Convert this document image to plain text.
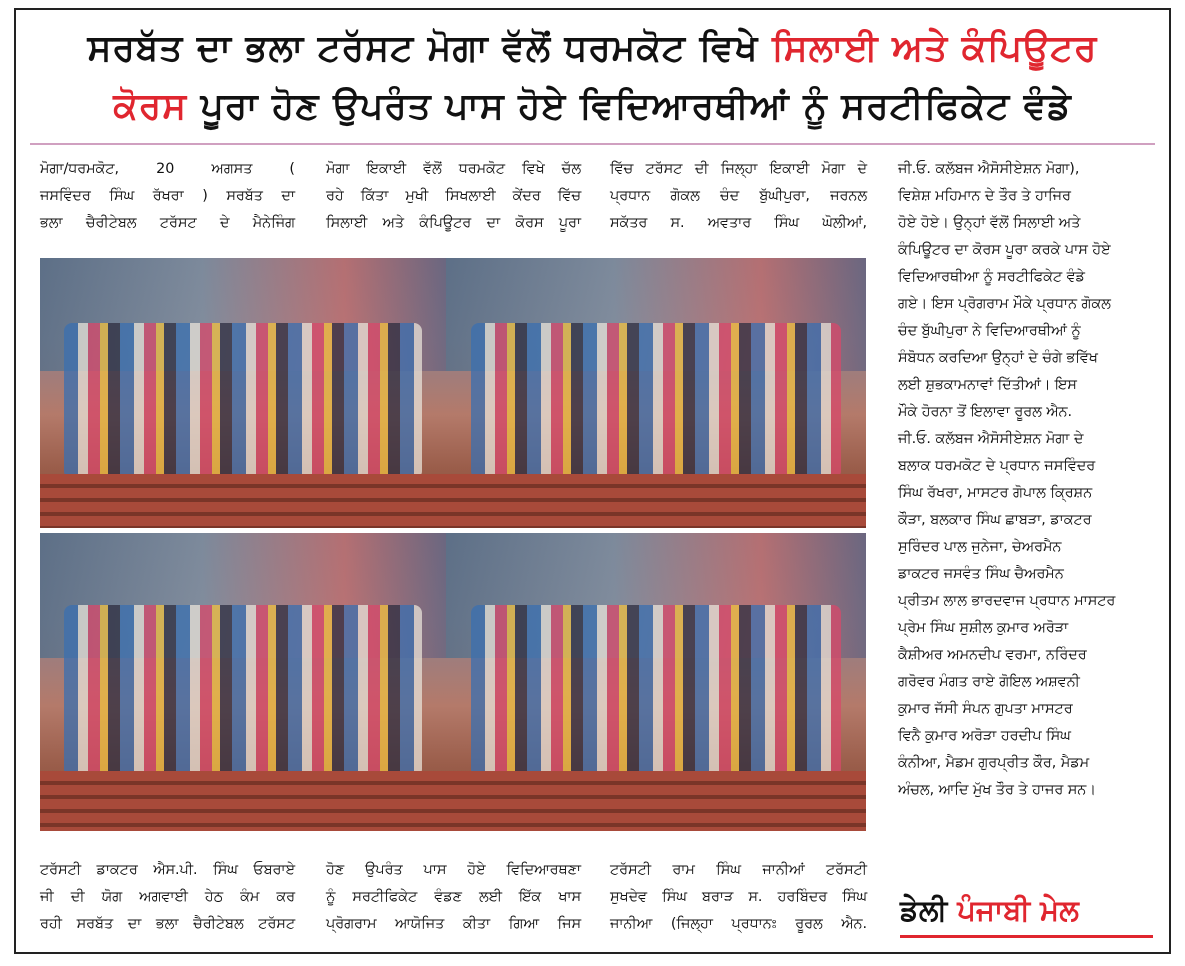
ਸਰਬੱਤ ਦਾ ਭਲਾ ਟਰੱਸਟ ਮੋਗਾ ਵੱਲੋਂ ਧਰਮਕੋਟ ਵਿਖੇ ਸਿਲਾਈ ਅਤੇ ਕੰਪਿਊਟਰ
ਕੋਰਸ ਪੂਰਾ ਹੋਣ ਉਪਰੰਤ ਪਾਸ ਹੋਏ ਵਿਦਿਆਰਥੀਆਂ ਨੂੰ ਸਰਟੀਫਿਕੇਟ ਵੰਡੇ
ਮੋਗਾ/ਧਰਮਕੋਟ, 20 ਅਗਸਤ (
ਜਸਵਿੰਦਰ ਸਿੰਘ ਰੱਖਰਾ ) ਸਰਬੱਤ ਦਾ
ਭਲਾ ਚੈਰੀਟੇਬਲ ਟਰੱਸਟ ਦੇ ਮੈਨੇਜਿੰਗ
ਮੋਗਾ ਇਕਾਈ ਵੱਲੋਂ ਧਰਮਕੋਟ ਵਿਖੇ ਚੱਲ
ਰਹੇ ਕਿੱਤਾ ਮੁਖੀ ਸਿਖਲਾਈ ਕੇਂਦਰ ਵਿੱਚ
ਸਿਲਾਈ ਅਤੇ ਕੰਪਿਊਟਰ ਦਾ ਕੋਰਸ ਪੂਰਾ
ਵਿੱਚ ਟਰੱਸਟ ਦੀ ਜਿਲ੍ਹਾ ਇਕਾਈ ਮੋਗਾ ਦੇ
ਪ੍ਰਧਾਨ ਗੋਕਲ ਚੰਦ ਬੁੱਘੀਪੁਰਾ, ਜਰਨਲ
ਸਕੱਤਰ ਸ. ਅਵਤਾਰ ਸਿੰਘ ਘੋਲੀਆਂ,
ਜੀ.ਓ. ਕਲੱਬਜ ਐਸੋਸੀਏਸ਼ਨ ਮੋਗਾ),
ਵਿਸ਼ੇਸ਼ ਮਹਿਮਾਨ ਦੇ ਤੌਰ ਤੇ ਹਾਜਿਰ
ਹੋਏ ਹੋਏ। ਉਨ੍ਹਾਂ ਵੱਲੋਂ ਸਿਲਾਈ ਅਤੇ
ਕੰਪਿਊਟਰ ਦਾ ਕੋਰਸ ਪੂਰਾ ਕਰਕੇ ਪਾਸ ਹੋਏ
ਵਿਦਿਆਰਥੀਆ ਨੂੰ ਸਰਟੀਫਿਕੇਟ ਵੰਡੇ
ਗਏ। ਇਸ ਪ੍ਰੋਗਰਾਮ ਮੌਕੇ ਪ੍ਰਧਾਨ ਗੋਕਲ
ਚੰਦ ਬੁੱਘੀਪੁਰਾ ਨੇ ਵਿਦਿਆਰਥੀਆਂ ਨੂੰ
ਸੰਬੋਧਨ ਕਰਦਿਆ ਉਨ੍ਹਾਂ ਦੇ ਚੰਗੇ ਭਵਿੱਖ
ਲਈ ਸ਼ੁਭਕਾਮਨਾਵਾਂ ਦਿੱਤੀਆਂ। ਇਸ
ਮੌਕੇ ਹੋਰਨਾ ਤੋਂ ਇਲਾਵਾ ਰੂਰਲ ਐਨ.
ਜੀ.ਓ. ਕਲੱਬਜ ਐਸੋਸੀਏਸ਼ਨ ਮੋਗਾ ਦੇ
ਬਲਾਕ ਧਰਮਕੋਟ ਦੇ ਪ੍ਰਧਾਨ ਜਸਵਿੰਦਰ
ਸਿੰਘ ਰੱਖਰਾ, ਮਾਸਟਰ ਗੋਪਾਲ ਕ੍ਰਿਸ਼ਨ
ਕੌੜਾ, ਬਲਕਾਰ ਸਿੰਘ ਛਾਬੜਾ, ਡਾਕਟਰ
ਸੁਰਿੰਦਰ ਪਾਲ ਜੁਨੇਜਾ, ਚੇਅਰਮੈਨ
ਡਾਕਟਰ ਜਸਵੰਤ ਸਿੰਘ ਚੈਅਰਮੈਨ
ਪ੍ਰੀਤਮ ਲਾਲ ਭਾਰਦਵਾਜ ਪ੍ਰਧਾਨ ਮਾਸਟਰ
ਪ੍ਰੇਮ ਸਿੰਘ ਸੁਸ਼ੀਲ ਕੁਮਾਰ ਅਰੋੜਾ
ਕੈਸ਼ੀਅਰ ਅਮਨਦੀਪ ਵਰਮਾ, ਨਰਿੰਦਰ
ਗਰੋਵਰ ਮੰਗਤ ਰਾਏ ਗੋਇਲ ਅਸ਼ਵਨੀ
ਕੁਮਾਰ ਜੱਸੀ ਸੰਪਨ ਗੁਪਤਾ ਮਾਸਟਰ
ਵਿਨੈ ਕੁਮਾਰ ਅਰੋੜਾ ਹਰਦੀਪ ਸਿੰਘ
ਕੰਨੀਆ, ਮੈਡਮ ਗੁਰਪ੍ਰੀਤ ਕੌਰ, ਮੈਡਮ
ਅੰਚਲ, ਆਦਿ ਮੁੱਖ ਤੌਰ ਤੇ ਹਾਜਰ ਸਨ।
ਟਰੱਸਟੀ ਡਾਕਟਰ ਐਸ.ਪੀ. ਸਿੰਘ ਓਬਰਾਏ
ਜੀ ਦੀ ਯੋਗ ਅਗਵਾਈ ਹੇਠ ਕੰਮ ਕਰ
ਰਹੀ ਸਰਬੱਤ ਦਾ ਭਲਾ ਚੈਰੀਟੇਬਲ ਟਰੱਸਟ
ਹੋਣ ਉਪਰੰਤ ਪਾਸ ਹੋਏ ਵਿਦਿਆਰਥਣਾ
ਨੂੰ ਸਰਟੀਫਿਕੇਟ ਵੰਡਣ ਲਈ ਇੱਕ ਖਾਸ
ਪ੍ਰੋਗਰਾਮ ਆਯੋਜਿਤ ਕੀਤਾ ਗਿਆ ਜਿਸ
ਟਰੱਸਟੀ ਰਾਮ ਸਿੰਘ ਜਾਨੀਆਂ ਟਰੱਸਟੀ
ਸੁਖਦੇਵ ਸਿੰਘ ਬਰਾੜ ਸ. ਹਰਬਿੰਦਰ ਸਿੰਘ
ਜਾਨੀਆ (ਜਿਲ੍ਹਾ ਪ੍ਰਧਾਨਃ ਰੂਰਲ ਐਨ. ਡੇਲੀ ਪੰਜਾਬੀ ਮੇਲ
